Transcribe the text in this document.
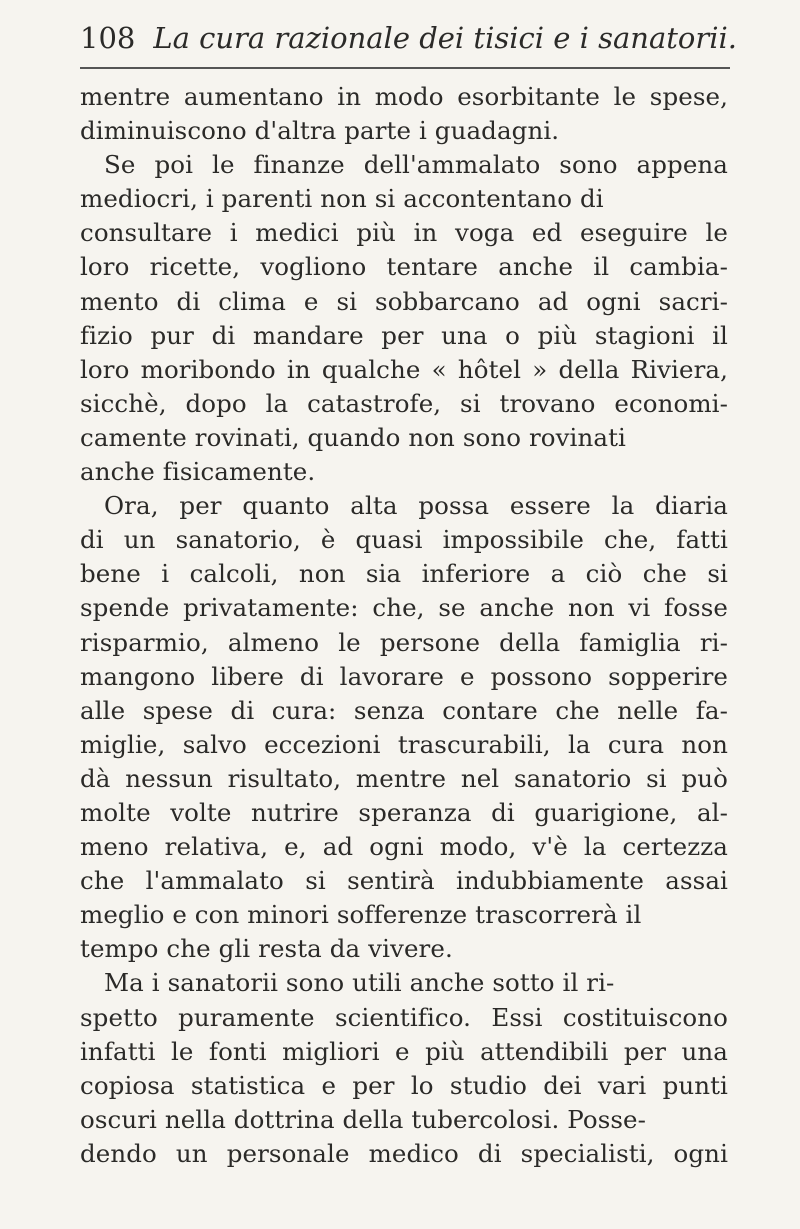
108 La cura razionale dei tisici e i sanatorii.
mentre aumentano in modo esorbitante le spese,
diminuiscono d'altra parte i guadagni.
Se poi le finanze dell'ammalato sono appena
mediocri, i parenti non si accontentano di
consultare i medici più in voga ed eseguire le
loro ricette, vogliono tentare anche il cambia-
mento di clima e si sobbarcano ad ogni sacri-
fizio pur di mandare per una o più stagioni il
loro moribondo in qualche « hôtel » della Riviera,
sicchè, dopo la catastrofe, si trovano economi-
camente rovinati, quando non sono rovinati
anche fisicamente.
Ora, per quanto alta possa essere la diaria
di un sanatorio, è quasi impossibile che, fatti
bene i calcoli, non sia inferiore a ciò che si
spende privatamente: che, se anche non vi fosse
risparmio, almeno le persone della famiglia ri-
mangono libere di lavorare e possono sopperire
alle spese di cura: senza contare che nelle fa-
miglie, salvo eccezioni trascurabili, la cura non
dà nessun risultato, mentre nel sanatorio si può
molte volte nutrire speranza di guarigione, al-
meno relativa, e, ad ogni modo, v'è la certezza
che l'ammalato si sentirà indubbiamente assai
meglio e con minori sofferenze trascorrerà il
tempo che gli resta da vivere.
Ma i sanatorii sono utili anche sotto il ri-
spetto puramente scientifico. Essi costituiscono
infatti le fonti migliori e più attendibili per una
copiosa statistica e per lo studio dei vari punti
oscuri nella dottrina della tubercolosi. Posse-
dendo un personale medico di specialisti, ogni
